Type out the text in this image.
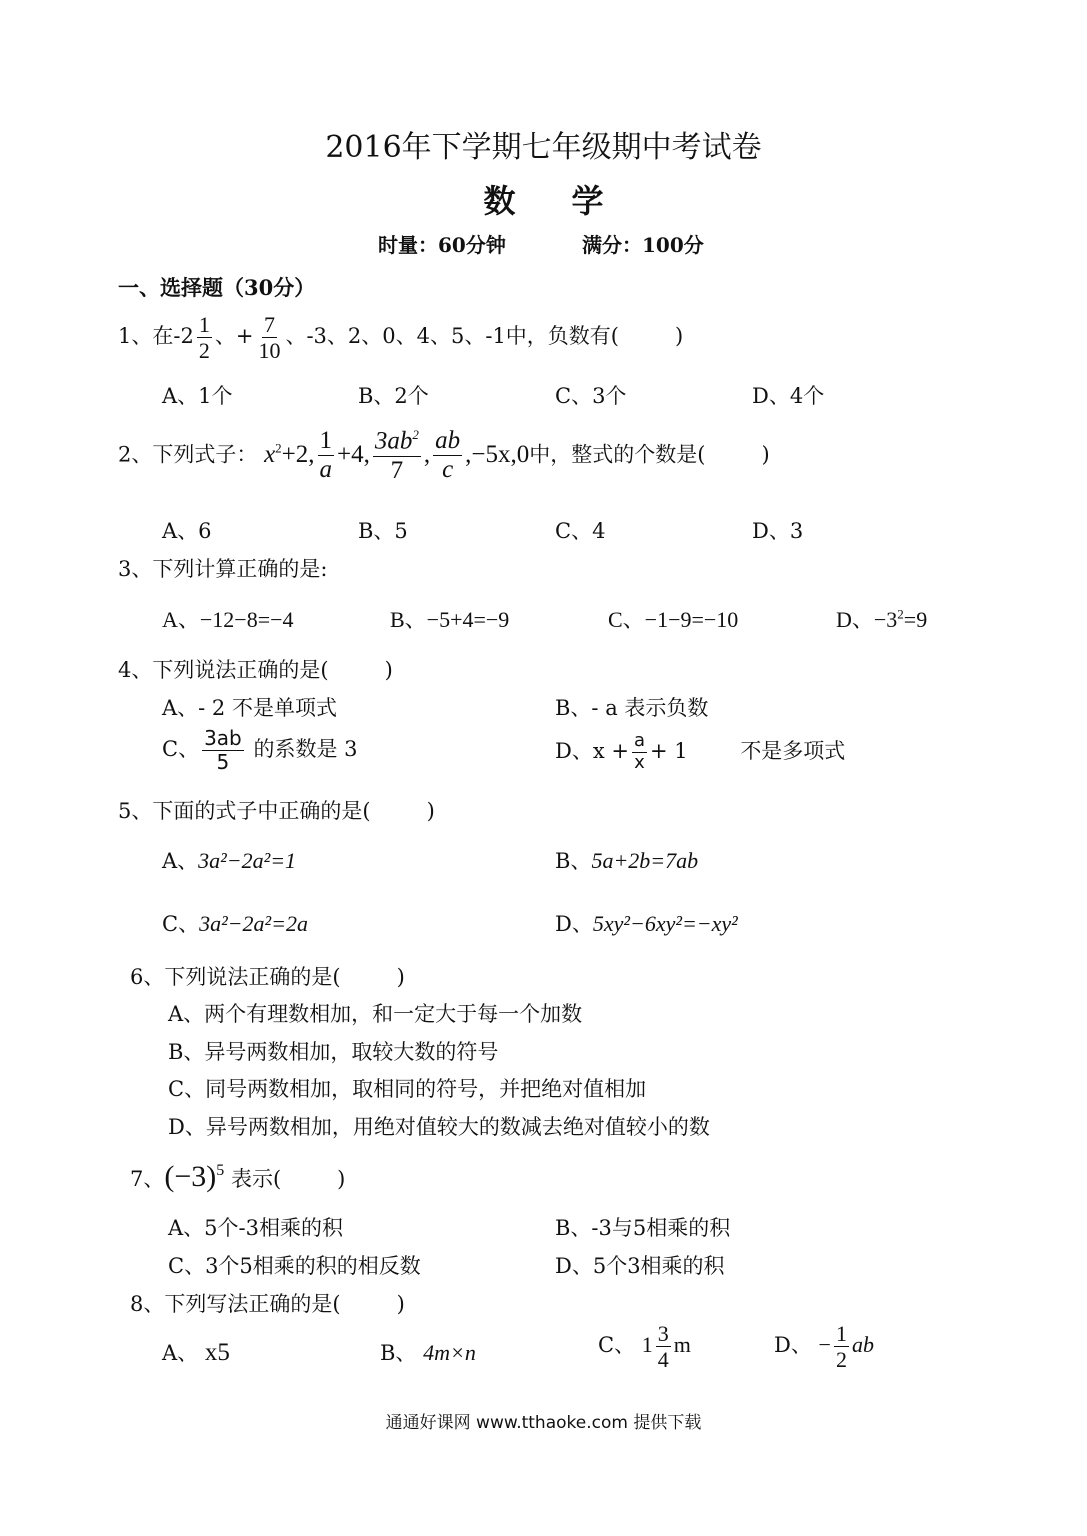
2016年下学期七年级期中考试卷
数学
时量：60分钟	满分：100分
一、选择题（30分）
1、在$-2 \frac{1}{2}$ 、+ $\frac{7}{10}$ 、-3、2、0、4、5、-1中，负数有(	)
A、1个	B、2个	C、3个	D、4个
2、下列式子： $x^2+2$, $\frac{1}{a} +4$, $\frac{3ab^2}{7}$ , $\frac{ab}{c} ,-5x,0$中，整式的个数是(	)
A、6	B、5	C、4	D、3
3、下列计算正确的是:
A、−12−8=−4	B、−5+4=−9	C、−1−9=−10	D、$-3^2=9$
4、下列说法正确的是(	)
A、- 2 不是单项式	B、- a 表示负数
C、 $\frac{3ab}{5}$ 的系数是 3	D、$x + \frac{a}{x} + 1$	不是多项式
5、下面的式子中正确的是(	)
A、3a²−2a²=1	B、5a+2b=7ab
C、3a²−2a²=2a	D、5xy²−6xy²=−xy²
6、下列说法正确的是(	)
A、两个有理数相加，和一定大于每一个加数
B、异号两数相加，取较大数的符号
C、同号两数相加，取相同的符号，并把绝对值相加
D、异号两数相加，用绝对值较大的数减去绝对值较小的数
7、$(-3)^5$ 表示(	)
A、5个-3相乘的积	B、-3与5相乘的积
C、3个5相乘的积的相反数	D、5个3相乘的积
8、下列写法正确的是(	)
A、 x5	B、 4m×n	C、 $1 \frac{3}{4}$ m	D、 − $\frac{1}{2}$ ab
通通好课网 www.tthaoke.com 提供下载
